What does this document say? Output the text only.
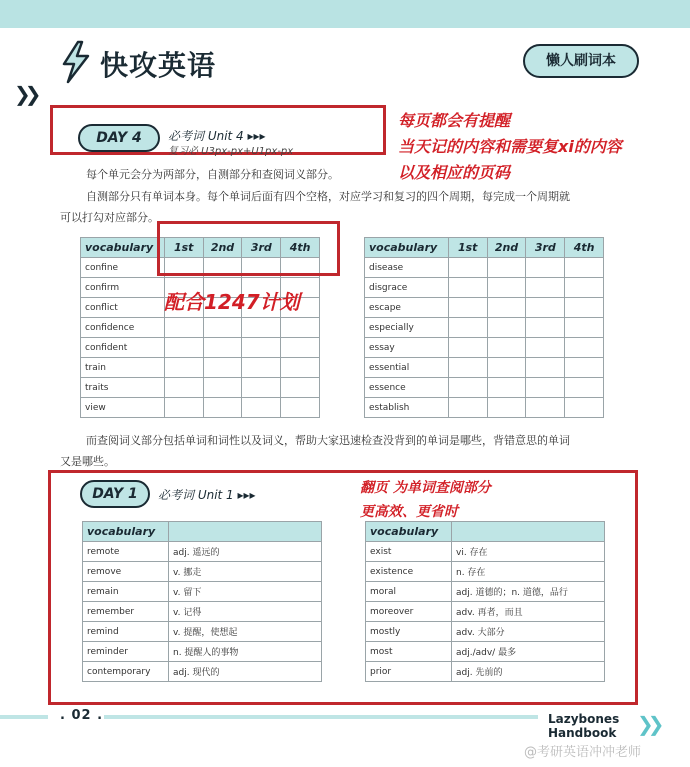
快攻英语	懒人刷词本
❯❯
DAY 4	必考词 Unit 4 ▸▸▸
复习必 U3px-px+U1px-px
每页都会有提醒
当天记的内容和需要复xi的内容
以及相应的页码
每个单元会分为两部分，自测部分和查阅词义部分。
自测部分只有单词本身。每个单词后面有四个空格，对应学习和复习的四个周期，每完成一个周期就
可以打勾对应部分。
vocabulary	1st	2nd	3rd	4th
confine				
confirm				
conflict				
confidence				
confident				
train				
traits				
view				
vocabulary	1st	2nd	3rd	4th
disease				
disgrace				
escape				
especially				
essay				
essential				
essence				
establish				
配合1247计划
而查阅词义部分包括单词和词性以及词义，帮助大家迅速检查没背到的单词是哪些，背错意思的单词
又是哪些。
DAY 1	必考词 Unit 1 ▸▸▸	翻页 为单词查阅部分
更高效、更省时
vocabulary	
remote	adj. 遥远的
remove	v. 挪走
remain	v. 留下
remember	v. 记得
remind	v. 提醒，使想起
reminder	n. 提醒人的事物
contemporary	adj. 现代的
vocabulary	
exist	vi. 存在
existence	n. 存在
moral	adj. 道德的；n. 道德，品行
moreover	adv. 再者，而且
mostly	adv. 大部分
most	adj./adv/ 最多
prior	adj. 先前的
. 02 .	Lazybones
Handbook ❯❯
@考研英语冲冲老师
